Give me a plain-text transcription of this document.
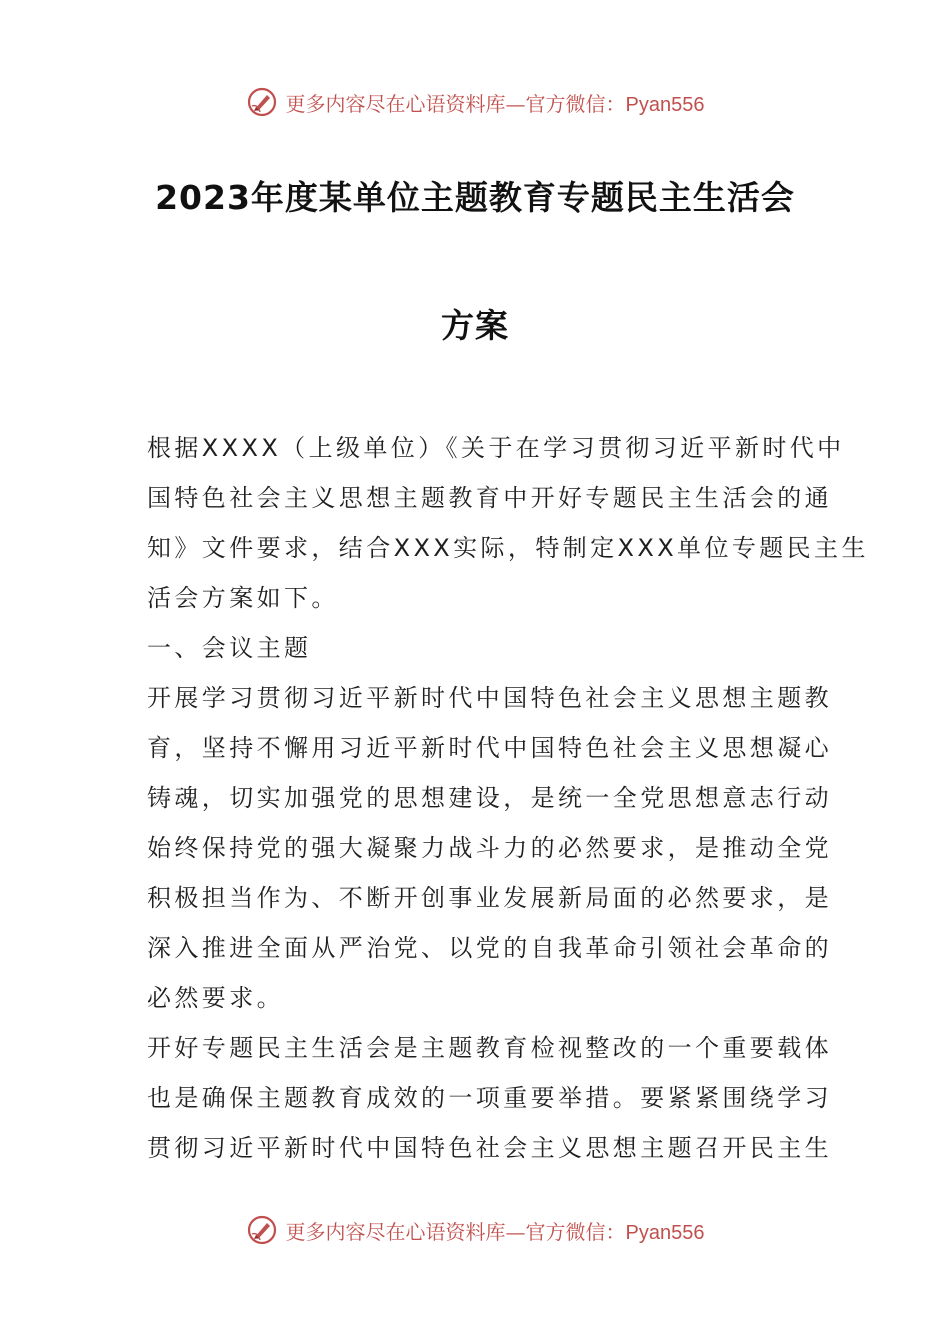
更多内容尽在心语资料库—官方微信：Pyan556
2023年度某单位主题教育专题民主生活会
方案
根据XXXX（上级单位）《关于在学习贯彻习近平新时代中
国特色社会主义思想主题教育中开好专题民主生活会的通
知》文件要求，结合XXX实际，特制定XXX单位专题民主生
活会方案如下。
一、会议主题
开展学习贯彻习近平新时代中国特色社会主义思想主题教
育，坚持不懈用习近平新时代中国特色社会主义思想凝心
铸魂，切实加强党的思想建设，是统一全党思想意志行动
始终保持党的强大凝聚力战斗力的必然要求，是推动全党
积极担当作为、不断开创事业发展新局面的必然要求，是
深入推进全面从严治党、以党的自我革命引领社会革命的
必然要求。
开好专题民主生活会是主题教育检视整改的一个重要载体
也是确保主题教育成效的一项重要举措。要紧紧围绕学习
贯彻习近平新时代中国特色社会主义思想主题召开民主生
更多内容尽在心语资料库—官方微信：Pyan556
